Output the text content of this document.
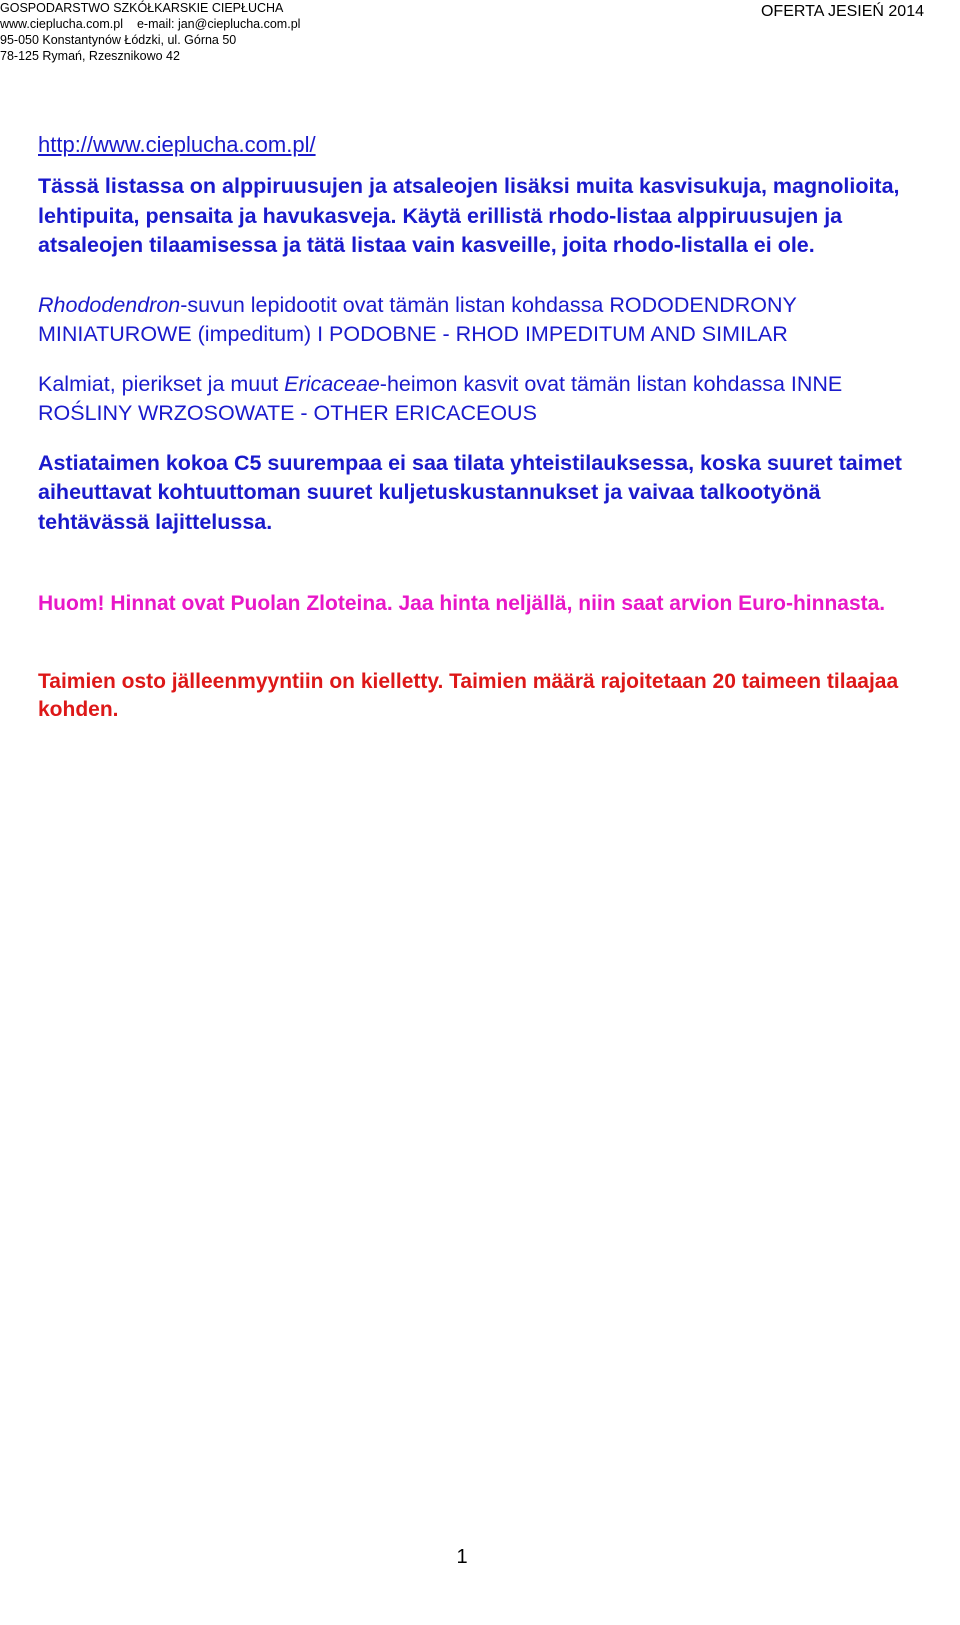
GOSPODARSTWO SZKÓŁKARSKIE CIEPŁUCHA
www.cieplucha.com.pl e-mail: jan@cieplucha.com.pl
95-050 Konstantynów Łódzki, ul. Górna 50
78-125 Rymań, Rzesznikowo 42
OFERTA JESIEŃ 2014
http://www.cieplucha.com.pl/

Tässä listassa on alppiruusujen ja atsaleojen lisäksi muita kasvisukuja, magnolioita, lehtipuita, pensaita ja havukasveja. Käytä erillistä rhodo-listaa alppiruusujen ja atsaleojen tilaamisessa ja tätä listaa vain kasveille, joita rhodo-listalla ei ole.

Rhododendron-suvun lepidootit ovat tämän listan kohdassa RODODENDRONY MINIATUROWE (impeditum) I PODOBNE - RHOD IMPEDITUM AND SIMILAR

Kalmiat, pierikset ja muut Ericaceae-heimon kasvit ovat tämän listan kohdassa INNE ROŚLINY WRZOSOWATE - OTHER ERICACEOUS

Astiataimen kokoa C5 suurempaa ei saa tilata yhteistilauksessa, koska suuret taimet aiheuttavat kohtuuttoman suuret kuljetuskustannukset ja vaivaa talkootyönä tehtävässä lajittelussa.

Huom! Hinnat ovat Puolan Zloteina. Jaa hinta neljällä, niin saat arvion Euro-hinnasta.

Taimien osto jälleenmyyntiin on kielletty. Taimien määrä rajoitetaan 20 taimeen tilaajaa kohden.

1
